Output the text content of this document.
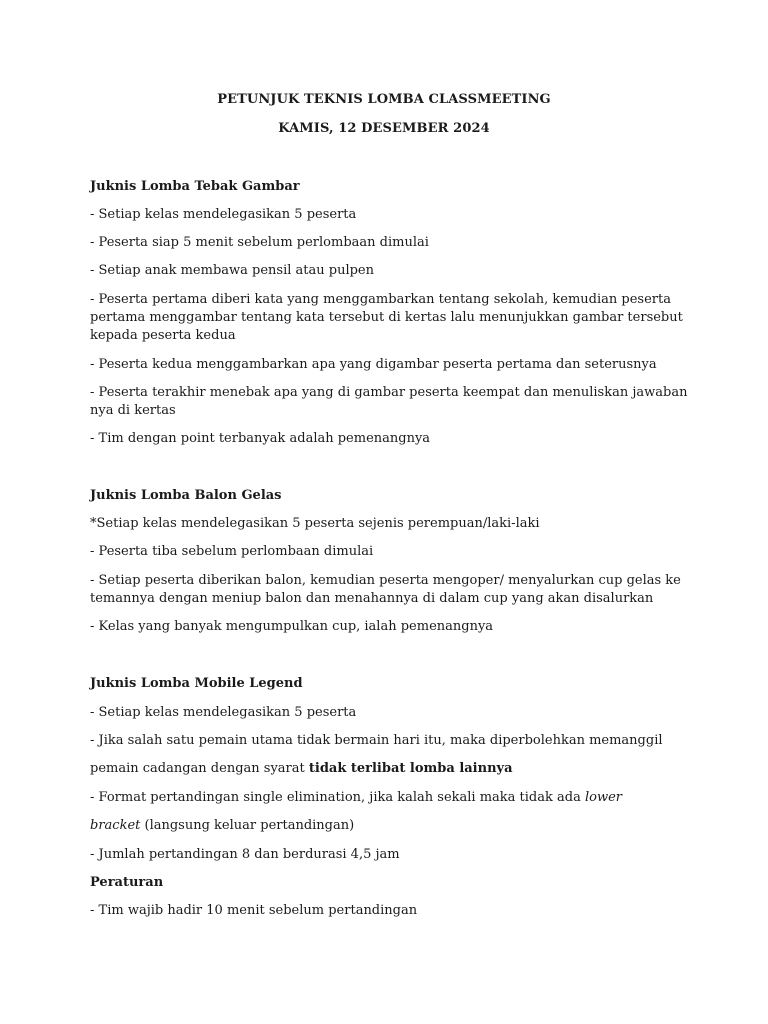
PETUNJUK TEKNIS LOMBA CLASSMEETING
KAMIS, 12 DESEMBER 2024
Juknis Lomba Tebak Gambar
- Setiap kelas mendelegasikan 5 peserta
- Peserta siap 5 menit sebelum perlombaan dimulai
- Setiap anak membawa pensil atau pulpen
- Peserta pertama diberi kata yang menggambarkan tentang sekolah, kemudian peserta pertama menggambar tentang kata tersebut di kertas lalu menunjukkan gambar tersebut kepada peserta kedua
- Peserta kedua menggambarkan apa yang digambar peserta pertama dan seterusnya
- Peserta terakhir menebak apa yang di gambar peserta keempat dan menuliskan jawaban nya di kertas
- Tim dengan point terbanyak adalah pemenangnya
Juknis Lomba Balon Gelas
*Setiap kelas mendelegasikan 5 peserta sejenis perempuan/laki-laki
- Peserta tiba sebelum perlombaan dimulai
- Setiap peserta diberikan balon, kemudian peserta mengoper/ menyalurkan cup gelas ke temannya dengan meniup balon dan menahannya di dalam cup yang akan disalurkan
- Kelas yang banyak mengumpulkan cup, ialah pemenangnya
Juknis Lomba Mobile Legend
- Setiap kelas mendelegasikan 5 peserta
- Jika salah satu pemain utama tidak bermain hari itu, maka diperbolehkan memanggil
pemain cadangan dengan syarat tidak terlibat lomba lainnya
- Format pertandingan single elimination, jika kalah sekali maka tidak ada lower
bracket (langsung keluar pertandingan)
- Jumlah pertandingan 8 dan berdurasi 4,5 jam
Peraturan
- Tim wajib hadir 10 menit sebelum pertandingan
